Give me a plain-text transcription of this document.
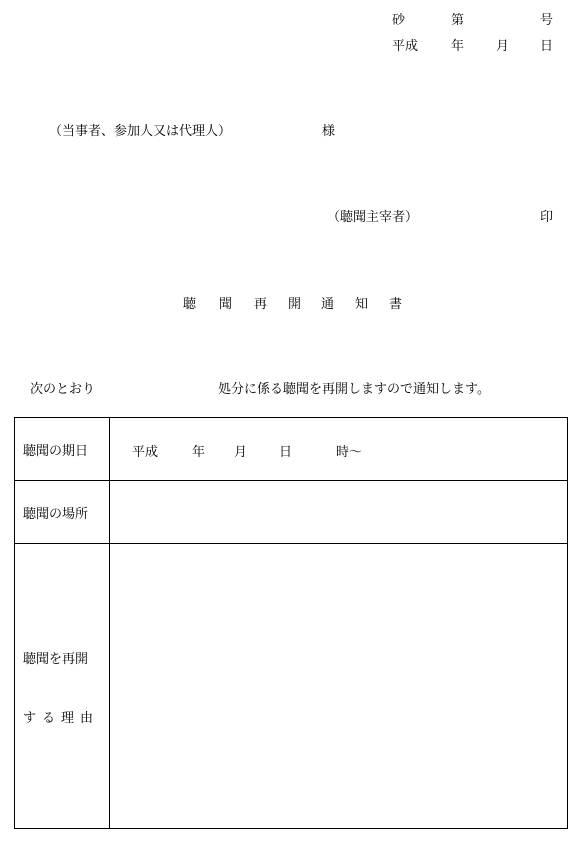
砂	第	号
平成	年 月 日
（当事者、参加人又は代理人）	様
（聴聞主宰者）	印
聴 聞 再 開 通 知 書
次のとおり	処分に係る聴聞を再開しますので通知します。
聴聞の期日	平成 年 月 日 時～

聴聞の場所	

聴聞を再開
する理由	
